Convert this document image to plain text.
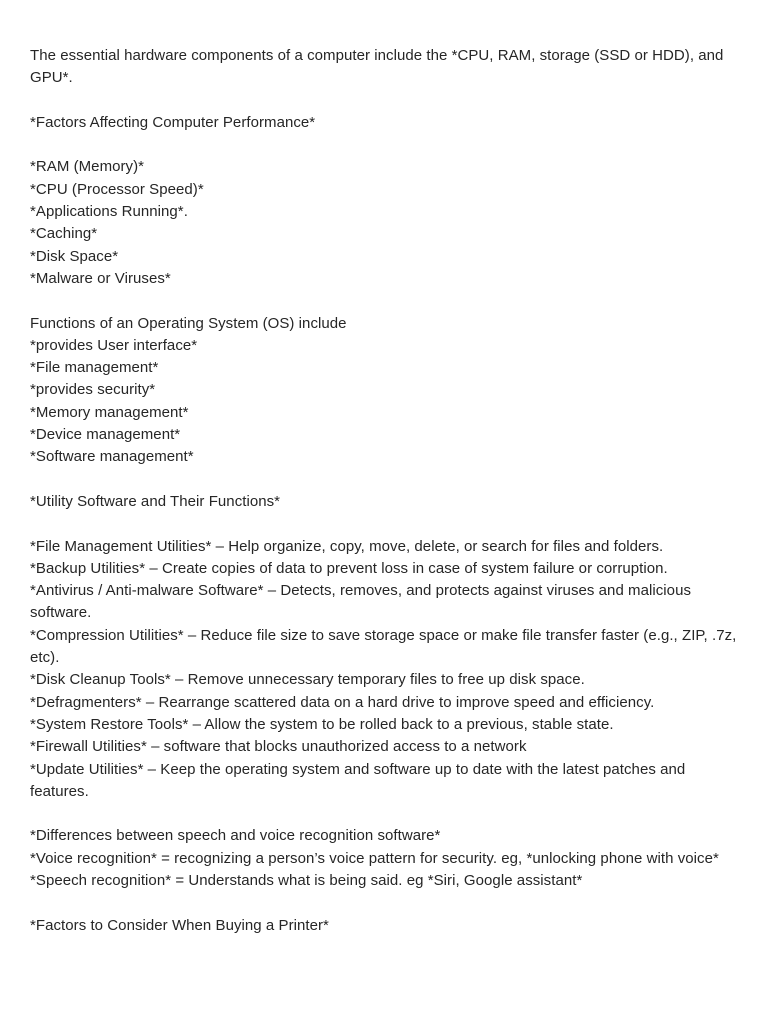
The essential hardware components of a computer include the *CPU, RAM, storage (SSD or HDD), and GPU*.

*Factors Affecting Computer Performance*

*RAM (Memory)*

*CPU (Processor Speed)*

*Applications Running*.

*Caching*

*Disk Space*

*Malware or Viruses*

Functions of an Operating System (OS) include

*provides User interface*

*File management*

*provides security*

*Memory management*

*Device management*

*Software management*

*Utility Software and Their Functions*

*File Management Utilities* – Help organize, copy, move, delete, or search for files and folders.

*Backup Utilities* – Create copies of data to prevent loss in case of system failure or corruption.

*Antivirus / Anti-malware Software* – Detects, removes, and protects against viruses and malicious software.

*Compression Utilities* – Reduce file size to save storage space or make file transfer faster (e.g., ZIP, .7z, etc).

*Disk Cleanup Tools* – Remove unnecessary temporary files to free up disk space.

*Defragmenters* – Rearrange scattered data on a hard drive to improve speed and efficiency.

*System Restore Tools* – Allow the system to be rolled back to a previous, stable state.

*Firewall Utilities* – software that blocks unauthorized access to a network

*Update Utilities* – Keep the operating system and software up to date with the latest patches and features.

*Differences between speech and voice recognition software*

*Voice recognition* = recognizing a person’s voice pattern for security. eg, *unlocking phone with voice*

*Speech recognition* = Understands what is being said. eg *Siri, Google assistant*

*Factors to Consider When Buying a Printer*
